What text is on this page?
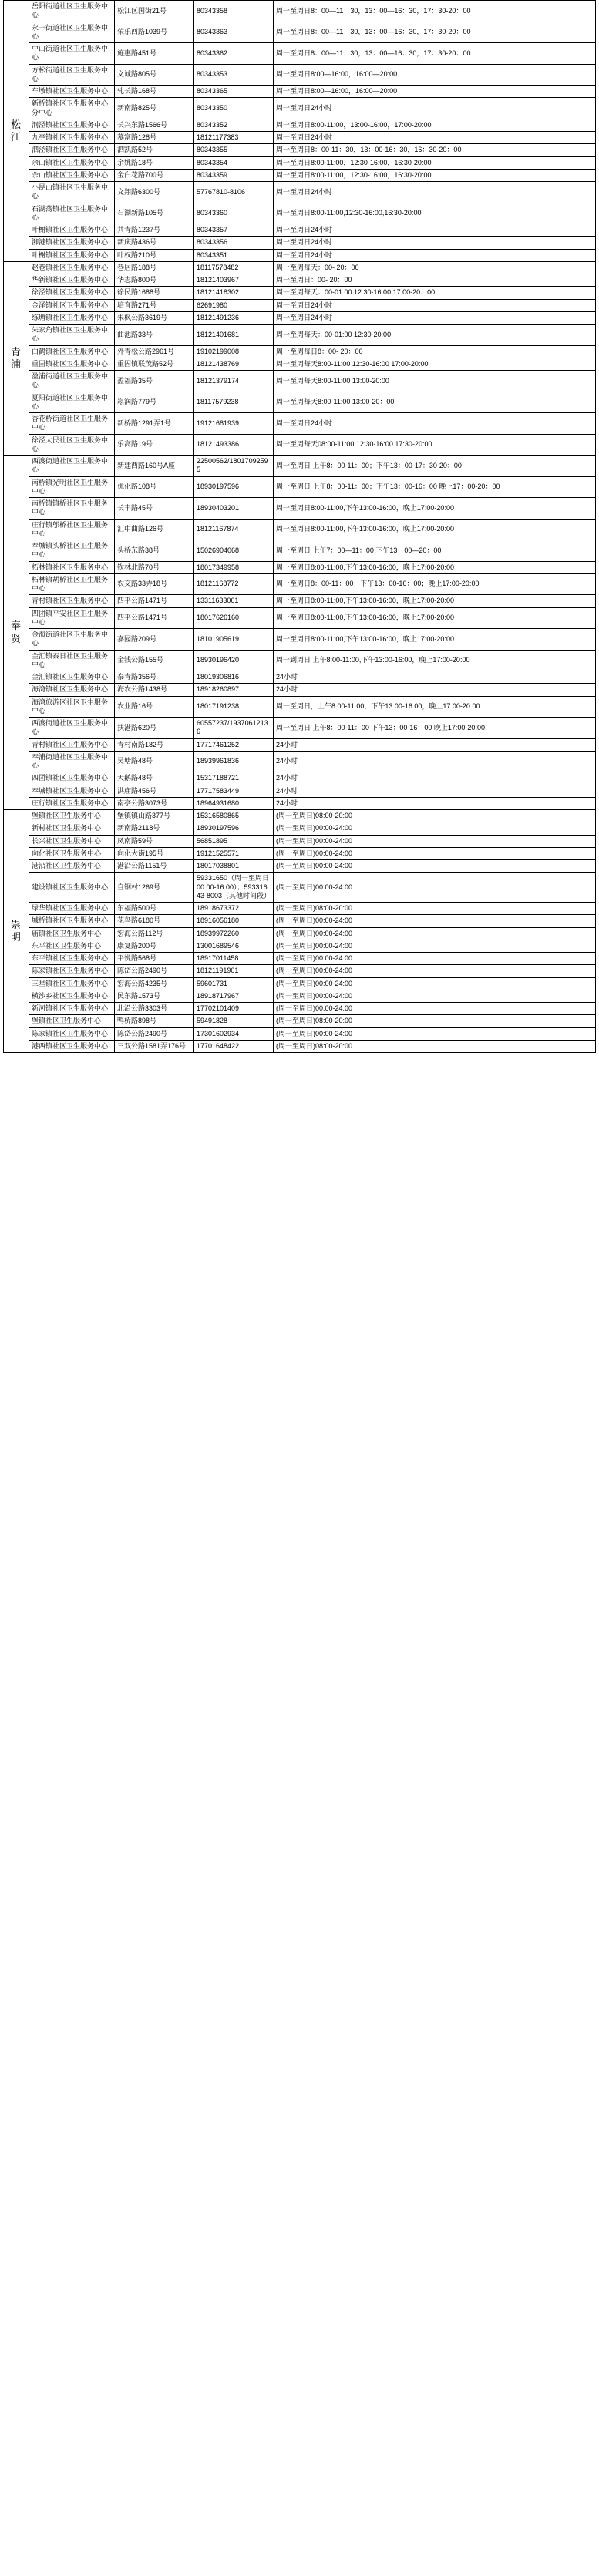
松江	岳阳街道社区卫生服务中心	松江区国街21号	80343358	周一至周日8：00—11：30，13：00—16：30，17：30-20：00
	永丰街道社区卫生服务中心	荣乐西路1039号	80343363	周一至周日8：00—11：30，13：00—16：30，17：30-20：00
	中山街道社区卫生服务中心	施惠路451号	80343362	周一至周日8：00—11：30，13：00—16：30，17：30-20：00
	方松街道社区卫生服务中心	文诚路805号	80343353	周一至周日8:00—16:00，16:00—20:00
	车墩镇社区卫生服务中心	轧长路168号	80343365	周一至周日8:00—16:00，16:00—20:00
	新桥镇社区卫生服务中心分中心	新南路825号	80343350	周一至周日24小时
	洞泾镇社区卫生服务中心	长兴东路1566号	80343352	周一至周日8:00-11:00，13:00-16:00，17:00-20:00
	九亭镇社区卫生服务中心	慕富路128号	18121177383	周一至周日24小时
	泗泾镇社区卫生服务中心	泗凯路52号	80343355	周一至周日8：00-11：30，13：00-16：30，16：30-20：00
	佘山镇社区卫生服务中心	余姚路18号	80343354	周一至周日8:00-11:00，12:30-16:00，16:30-20:00
	佘山镇社区卫生服务中心	金白花路700号	80343359	周一至周日8:00-11:00，12:30-16:00，16:30-20:00
	小昆山镇社区卫生服务中心	文翔路6300号	57767810-8106	周一至周日24小时
	石湖荡镇社区卫生服务中心	石湖新路105号	80343360	周一至周日8:00-11:00,12:30-16:00,16:30-20:00
	叶榭镇社区卫生服务中心	共青路1237号	80343357	周一至周日24小时
	泖港镇社区卫生服务中心	新庆路436号	80343356	周一至周日24小时
	叶榭镇社区卫生服务中心	叶权路210号	80343351	周一至周日24小时
青浦	赵巷镇社区卫生服务中心	巷居路188号	18117578482	周一至周每天：00- 20：00
	华新镇社区卫生服务中心	华志路800号	18121403967	周一至周日：00- 20：00
	徐泾镇社区卫生服务中心	徐民路1688号	18121418302	周一至周每天：00-01:00 12:30-16:00 17:00-20：00
	金泽镇社区卫生服务中心	培育路271号	62691980	周一至周日24小时
	练塘镇社区卫生服务中心	朱枫公路3619号	18121491236	周一至周日24小时
	朱家角镇社区卫生服务中心	曲池路33号	18121401681	周一至周每天：00-01:00 12:30-20:00
	白鹤镇社区卫生服务中心	外青松公路2961号	19102199008	周一至周每日8：00- 20：00
	重固镇社区卫生服务中心	重固镇联茂路52号	18121438769	周一至周每天8:00-11:00 12:30-16:00 17:00-20:00
	盈浦街道社区卫生服务中心	盈福路35号	18121379174	周一至周每天8:00-11:00 13:00-20:00
	夏阳街道社区卫生服务中心	崧润路779号	18117579238	周一至周每天8:00-11:00 13:00-20：00
	香花桥街道社区卫生服务中心	新桥路1291弄1号	19121681939	周一至周日24小时
	徐泾大民社区卫生服务中心	乐高路19号	18121493386	周一至周每天08:00-11:00 12:30-16:00 17:30-20:00
奉贤	西渡街道社区卫生服务中心	新建西路160号A座	22500562/18017092595	周一至周日 上午8：00-11：00；下午13：00-17：30-20：00
	南桥镇光明社区卫生服务中心	优化路108号	18930197596	周一至周日 上午8：00-11：00；下午13：00-16：00 晚上17：00-20：00
	南桥镇镇桥社区卫生服务中心	长丰路45号	18930403201	周一至周日8:00-11:00,下午13:00-16:00，晚上17:00-20:00
	庄行镇邬桥社区卫生服务中心	汇中曲路126号	18121167874	周一至周日8:00-11:00,下午13:00-16:00，晚上17:00-20:00
	奉城镇头桥社区卫生服务中心	头桥东路38号	15026904068	周一至周日 上午7：00—11：00 下午13：00—20：00
	柘林镇社区卫生服务中心	钦林北路70号	18017349958	周一至周日8:00-11:00,下午13:00-16:00，晚上17:00-20:00
	柘林镇胡桥社区卫生服务中心	农交路33弄18号	18121168772	周一至周日8：00-11：00；下午13：00-16：00；晚上17:00-20:00
	青村镇社区卫生服务中心	四平公路1471号	13311633061	周一至周日8:00-11:00,下午13:00-16:00，晚上17:00-20:00
	四团镇平安社区卫生服务中心	四平公路1471号	18017626160	周一至周日8:00-11:00,下午13:00-16:00，晚上17:00-20:00
	金海街道社区卫生服务中心	嘉园路209号	18101905619	周一至周日8:00-11:00,下午13:00-16:00，晚上17:00-20:00
	金汇镇泰日社区卫生服务中心	金钱公路155号	18930196420	周一到周日 上午8:00-11:00,下午13:00-16:00，晚上17:00-20:00
	金汇镇社区卫生服务中心	泰青路356号	18019306816	24小时
	海湾镇社区卫生服务中心	海农公路1438号	18918260897	24小时
	海湾旅游区社区卫生服务中心	农业路16号	18017191238	周一至周日，上午8.00-11.00，下午13:00-16:00，晚上17:00-20:00
	西渡街道社区卫生服务中心	扶港路620号	60557237/19370612136	周一至周日 上午8：00-11：00 下午13：00-16：00 晚上17:00-20:00
	青村镇社区卫生服务中心	青村南路182号	17717461252	24小时
	奉浦街道社区卫生服务中心	吴塘路48号	18939961836	24小时
	四团镇社区卫生服务中心	天鹅路48号	15317188721	24小时
	奉城镇社区卫生服务中心	洪庙路456号	17717583449	24小时
	庄行镇社区卫生服务中心	南亭公路3073号	18964931680	24小时
崇明	堡镇社区卫生服务中心	堡镇镇山路377号	15316580865	(周一至周日)08:00-20:00
	新村社区卫生服务中心	新南路2118号	18930197596	(周一至周日)00:00-24:00
	长兴社区卫生服务中心	凤南路59号	56851895	(周一至周日)00:00-24:00
	向化社区卫生服务中心	向化大街195号	19121525571	(周一至周日)00:00-24:00
	港沿社区卫生服务中心	港沿公路1151号	18017038801	(周一至周日)00:00-24:00
	建设镇社区卫生服务中心	自钢村1269号	59331650（周一至周日00:00-16:00）；59331643-8003（其他时间段）	(周一至周日)00:00-24:00
	绿华镇社区卫生服务中心	东福路500号	18918673372	(周一至周日)08:00-20:00
	城桥镇社区卫生服务中心	花鸟路6180号	18916056180	(周一至周日)00:00-24:00
	庙镇社区卫生服务中心	宏海公路112号	18939972260	(周一至周日)00:00-24:00
	东平社区卫生服务中心	康复路200号	13001689546	(周一至周日)00:00-24:00
	东平镇社区卫生服务中心	平悦路568号	18917011458	(周一至周日)00:00-24:00
	陈家镇社区卫生服务中心	陈岱公路2490号	18121191901	(周一至周日)00:00-24:00
	三星镇社区卫生服务中心	宏海公路4235号	59601731	(周一至周日)00:00-24:00
	横沙乡社区卫生服务中心	民东路1573号	18918717967	(周一至周日)00:00-24:00
	新河镇社区卫生服务中心	北沿公路3303号	17702101409	(周一至周日)00:00-24:00
	堡镇社区卫生服务中心	鸭桥路898号	59491828	(周一至周日)08:00-20:00
	陈家镇社区卫生服务中心	陈岱公路2490号	17301602934	(周一至周日)00:00-24:00
	港西镇社区卫生服务中心	三双公路1581弄176号	17701648422	(周一至周日)08:00-20:00
